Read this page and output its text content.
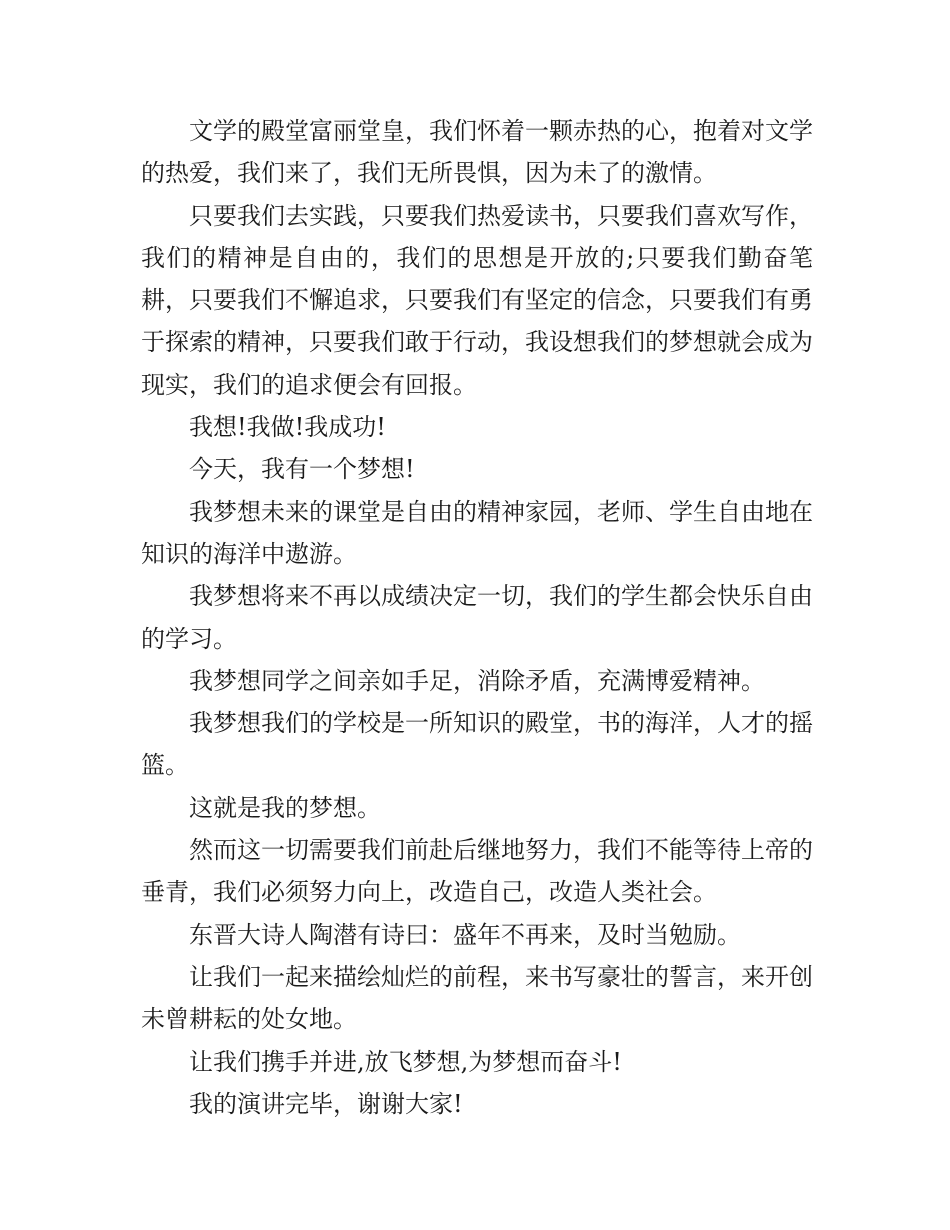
文学的殿堂富丽堂皇，我们怀着一颗赤热的心，抱着对文学的热爱，我们来了，我们无所畏惧，因为未了的激情。

只要我们去实践，只要我们热爱读书，只要我们喜欢写作，我们的精神是自由的，我们的思想是开放的;只要我们勤奋笔耕，只要我们不懈追求，只要我们有坚定的信念，只要我们有勇于探索的精神，只要我们敢于行动，我设想我们的梦想就会成为现实，我们的追求便会有回报。

我想!我做!我成功!

今天，我有一个梦想!

我梦想未来的课堂是自由的精神家园，老师、学生自由地在知识的海洋中遨游。

我梦想将来不再以成绩决定一切，我们的学生都会快乐自由的学习。

我梦想同学之间亲如手足，消除矛盾，充满博爱精神。

我梦想我们的学校是一所知识的殿堂，书的海洋，人才的摇篮。

这就是我的梦想。

然而这一切需要我们前赴后继地努力，我们不能等待上帝的垂青，我们必须努力向上，改造自己，改造人类社会。

东晋大诗人陶潜有诗曰：盛年不再来，及时当勉励。

让我们一起来描绘灿烂的前程，来书写豪壮的誓言，来开创未曾耕耘的处女地。

让我们携手并进,放飞梦想,为梦想而奋斗!

我的演讲完毕，谢谢大家!
